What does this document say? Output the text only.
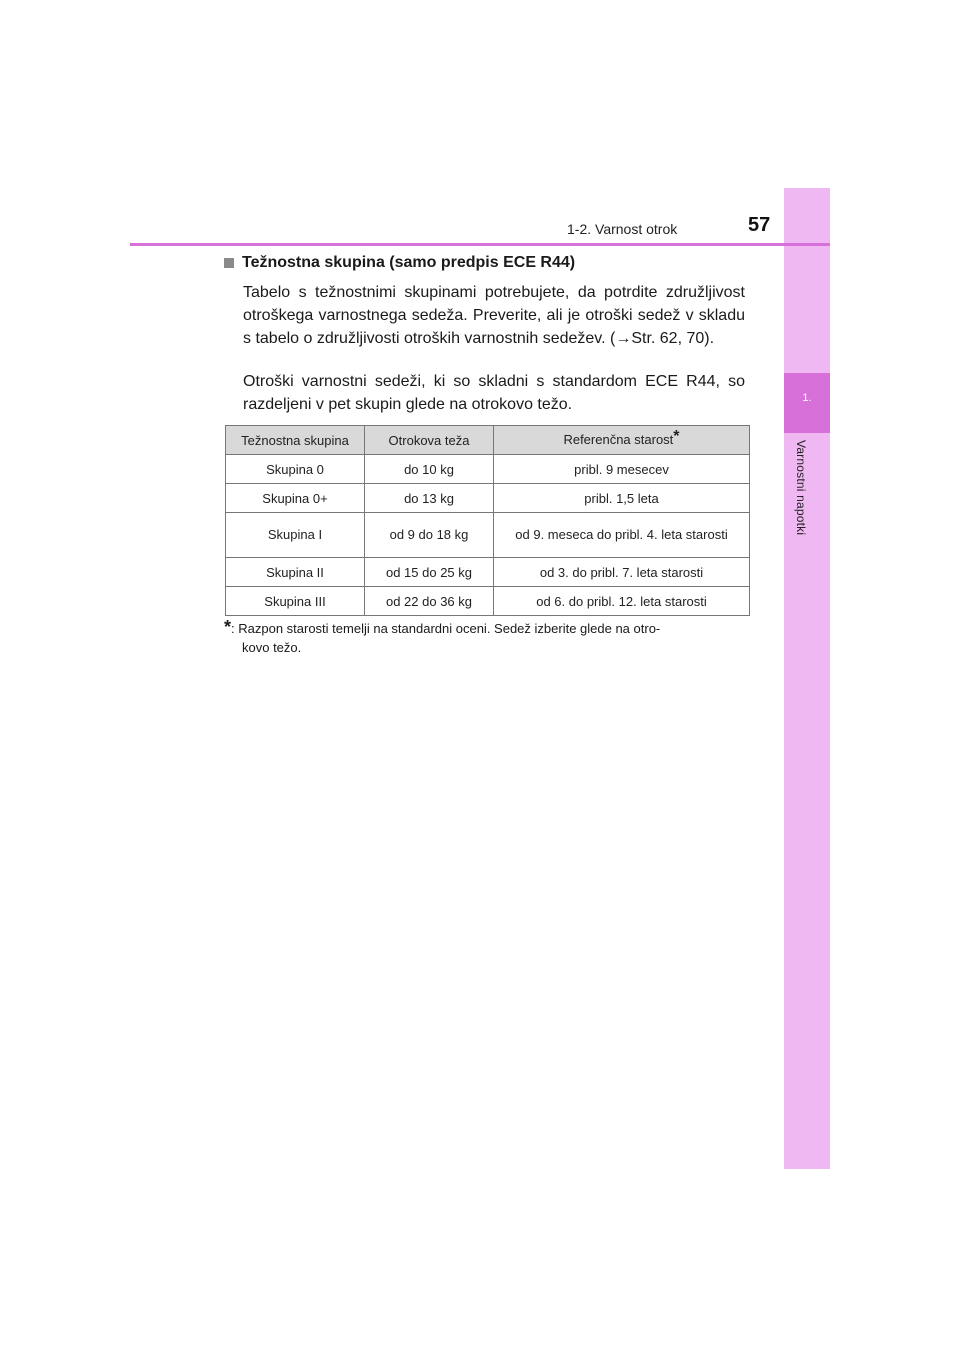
1.
Varnostni napotki
1-2. Varnost otrok	57
Težnostna skupina (samo predpis ECE R44)

Tabelo s težnostnimi skupinami potrebujete, da potrdite združljivost otroškega varnostnega sedeža. Preverite, ali je otroški sedež v skladu s tabelo o združljivosti otroških varnostnih sedežev. (→Str. 62, 70).

Otroški varnostni sedeži, ki so skladni s standardom ECE R44, so razdeljeni v pet skupin glede na otrokovo težo.

Težnostna skupina	Otrokova teža	Referenčna starost*
Skupina 0	do 10 kg	pribl. 9 mesecev
Skupina 0+	do 13 kg	pribl. 1,5 leta
Skupina I	od 9 do 18 kg	od 9. meseca do pribl. 4. leta starosti
Skupina II	od 15 do 25 kg	od 3. do pribl. 7. leta starosti
Skupina III	od 22 do 36 kg	od 6. do pribl. 12. leta starosti
*: Razpon starosti temelji na standardni oceni. Sedež izberite glede na otro-
kovo težo.
